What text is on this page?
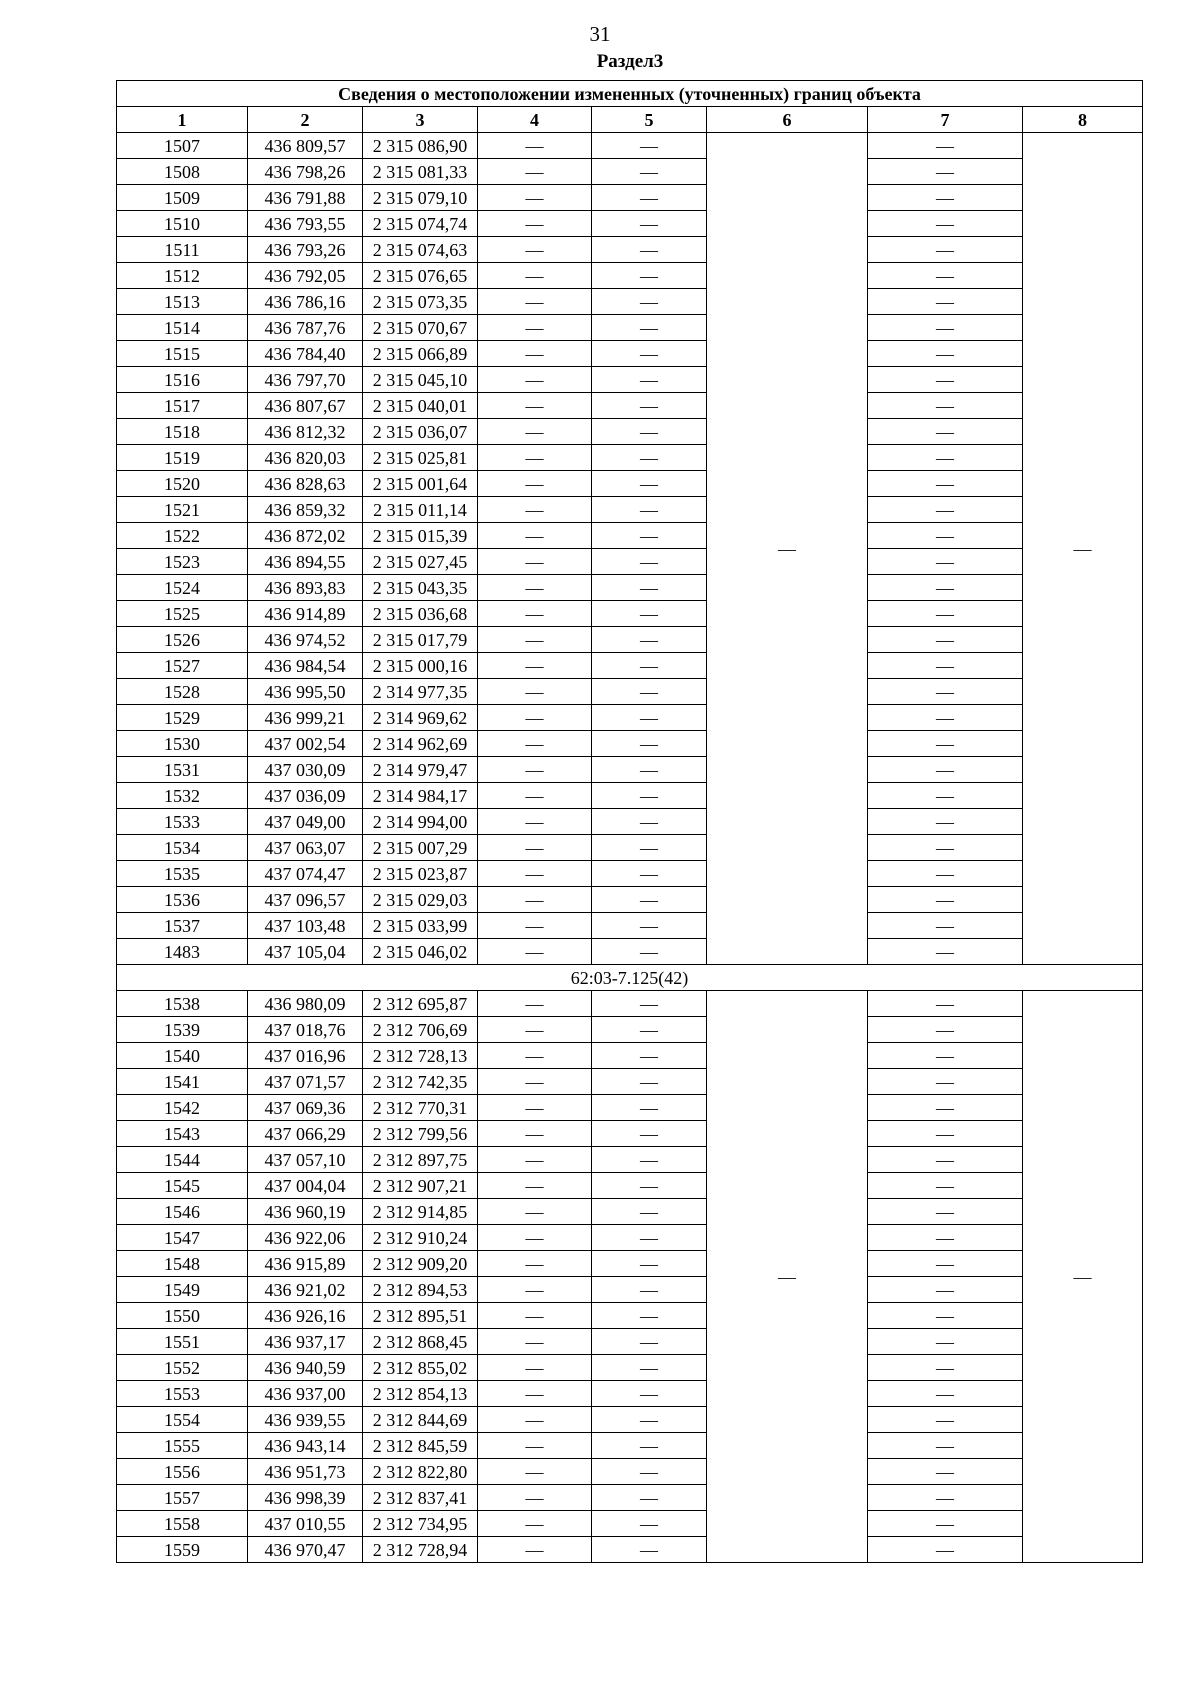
31
Раздел3
Сведения о местоположении измененных (уточненных) границ объекта							
1	2	3	4	5	6	7	8
1507	436 809,57	2 315 086,90	—	—	—	—	—
1508	436 798,26	2 315 081,33	—	—		—	
1509	436 791,88	2 315 079,10	—	—		—	
1510	436 793,55	2 315 074,74	—	—		—	
1511	436 793,26	2 315 074,63	—	—		—	
1512	436 792,05	2 315 076,65	—	—		—	
1513	436 786,16	2 315 073,35	—	—		—	
1514	436 787,76	2 315 070,67	—	—		—	
1515	436 784,40	2 315 066,89	—	—		—	
1516	436 797,70	2 315 045,10	—	—		—	
1517	436 807,67	2 315 040,01	—	—		—	
1518	436 812,32	2 315 036,07	—	—		—	
1519	436 820,03	2 315 025,81	—	—		—	
1520	436 828,63	2 315 001,64	—	—		—	
1521	436 859,32	2 315 011,14	—	—		—	
1522	436 872,02	2 315 015,39	—	—		—	
1523	436 894,55	2 315 027,45	—	—		—	
1524	436 893,83	2 315 043,35	—	—		—	
1525	436 914,89	2 315 036,68	—	—		—	
1526	436 974,52	2 315 017,79	—	—		—	
1527	436 984,54	2 315 000,16	—	—		—	
1528	436 995,50	2 314 977,35	—	—		—	
1529	436 999,21	2 314 969,62	—	—		—	
1530	437 002,54	2 314 962,69	—	—		—	
1531	437 030,09	2 314 979,47	—	—		—	
1532	437 036,09	2 314 984,17	—	—		—	
1533	437 049,00	2 314 994,00	—	—		—	
1534	437 063,07	2 315 007,29	—	—		—	
1535	437 074,47	2 315 023,87	—	—		—	
1536	437 096,57	2 315 029,03	—	—		—	
1537	437 103,48	2 315 033,99	—	—		—	
1483	437 105,04	2 315 046,02	—	—		—	
62:03-7.125(42)							
1538	436 980,09	2 312 695,87	—	—	—	—	—
1539	437 018,76	2 312 706,69	—	—		—	
1540	437 016,96	2 312 728,13	—	—		—	
1541	437 071,57	2 312 742,35	—	—		—	
1542	437 069,36	2 312 770,31	—	—		—	
1543	437 066,29	2 312 799,56	—	—		—	
1544	437 057,10	2 312 897,75	—	—		—	
1545	437 004,04	2 312 907,21	—	—		—	
1546	436 960,19	2 312 914,85	—	—		—	
1547	436 922,06	2 312 910,24	—	—		—	
1548	436 915,89	2 312 909,20	—	—		—	
1549	436 921,02	2 312 894,53	—	—		—	
1550	436 926,16	2 312 895,51	—	—		—	
1551	436 937,17	2 312 868,45	—	—		—	
1552	436 940,59	2 312 855,02	—	—		—	
1553	436 937,00	2 312 854,13	—	—		—	
1554	436 939,55	2 312 844,69	—	—		—	
1555	436 943,14	2 312 845,59	—	—		—	
1556	436 951,73	2 312 822,80	—	—		—	
1557	436 998,39	2 312 837,41	—	—		—	
1558	437 010,55	2 312 734,95	—	—		—	
1559	436 970,47	2 312 728,94	—	—		—	
